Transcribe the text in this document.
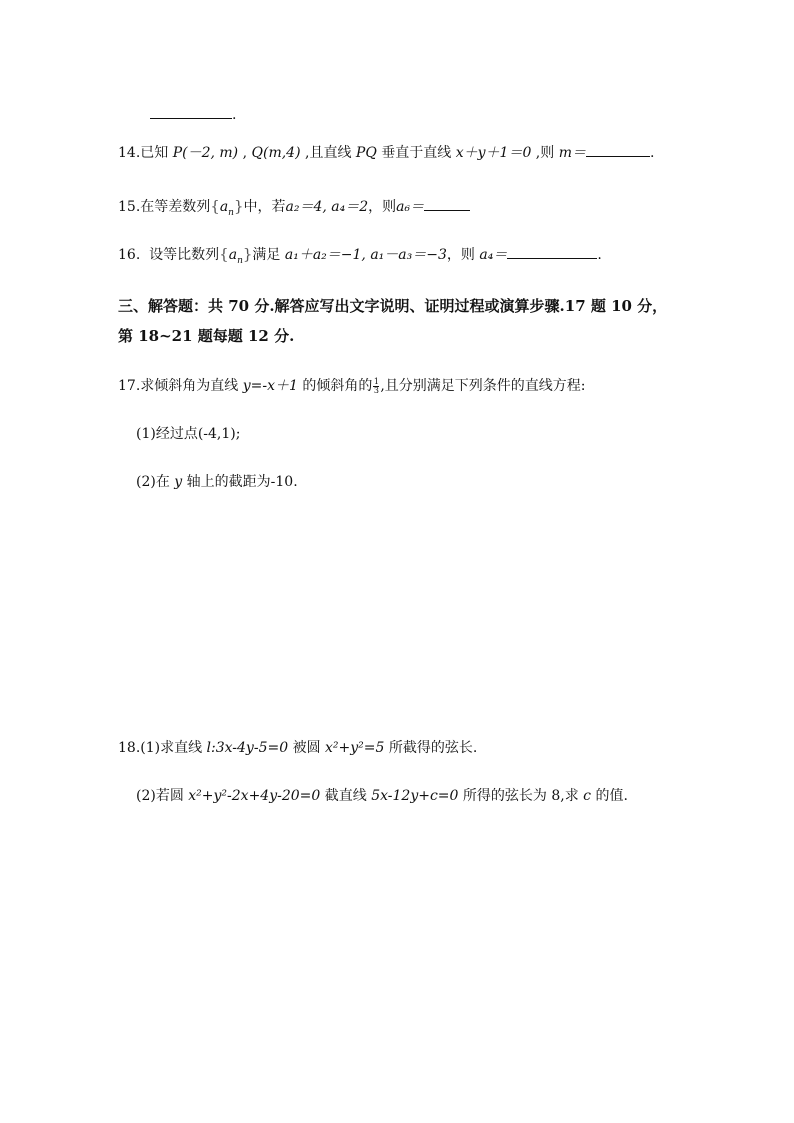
.
14.已知 P(－2, m) , Q(m,4) ,且直线 PQ 垂直于直线 x＋y＋1＝0 ,则 m＝	.
15.在等差数列$\{a_n\}$中，若a₂＝4, a₄＝2，则a₆＝
16. 设等比数列$\{a_n\}$满足 a₁＋a₂＝−1, a₁－a₃＝−3，则 a₄＝	.
三、解答题：共 70 分.解答应写出文字说明、证明过程或演算步骤.17 题 10 分，
第 18~21 题每题 12 分.
17.求倾斜角为直线 y=-x＋1 的倾斜角的 $\frac{1}{3}$ ,且分别满足下列条件的直线方程:
(1)经过点(-4,1);
(2)在 y 轴上的截距为-10.
18.(1)求直线 l:3x-4y-5=0 被圆 x²+y²=5 所截得的弦长.
(2)若圆 x²+y²-2x+4y-20=0 截直线 5x-12y+c=0 所得的弦长为 8,求 c 的值.
